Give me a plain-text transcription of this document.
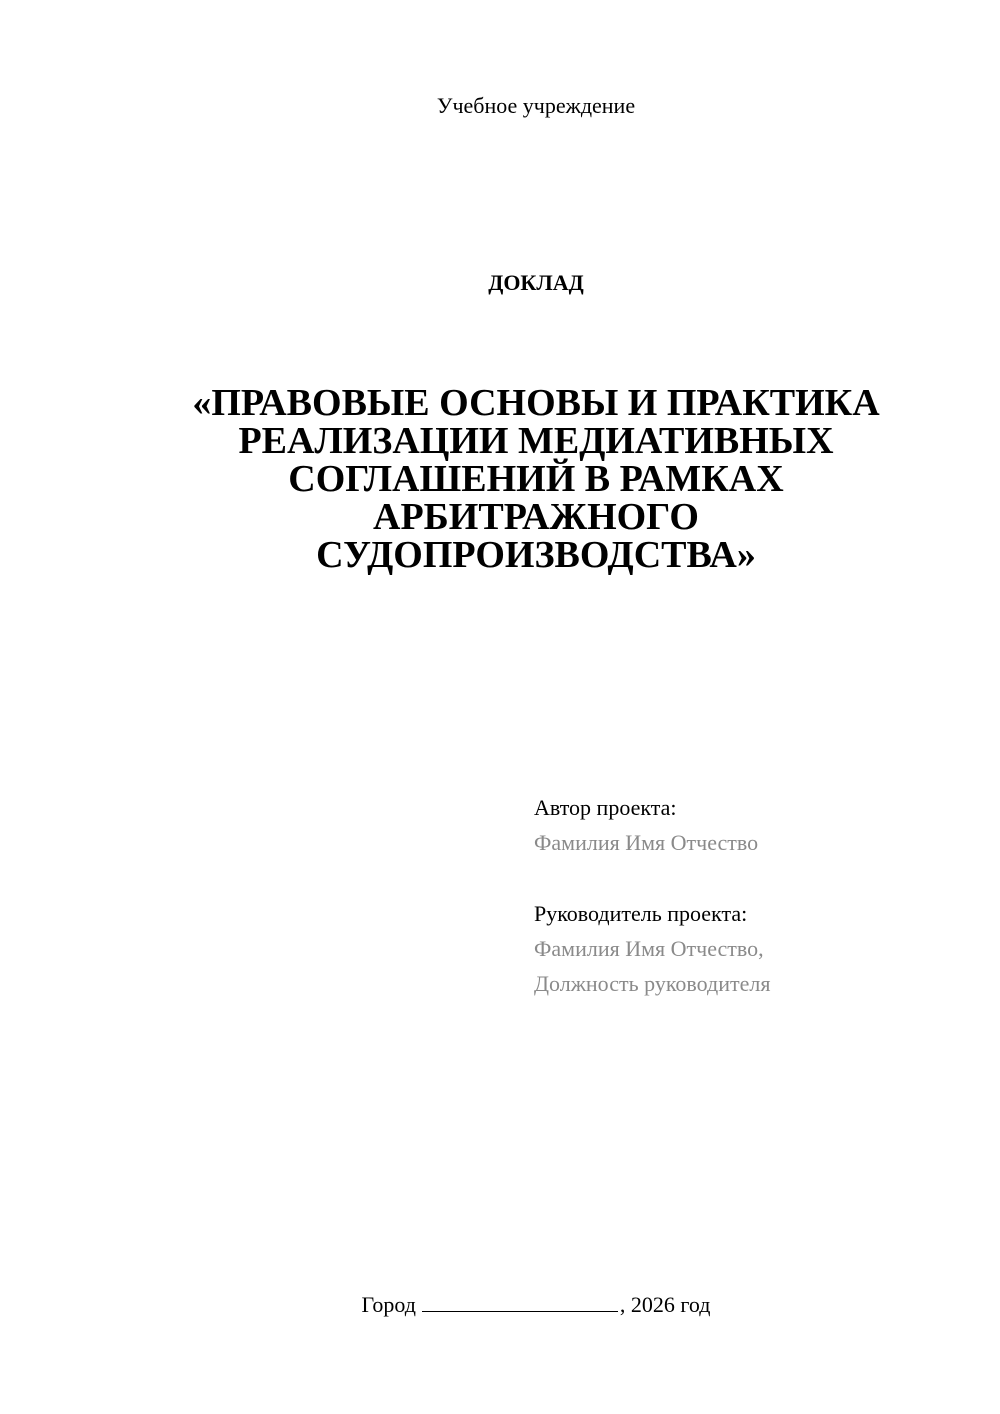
Учебное учреждение
ДОКЛАД
«ПРАВОВЫЕ ОСНОВЫ И ПРАКТИКА
РЕАЛИЗАЦИИ МЕДИАТИВНЫХ
СОГЛАШЕНИЙ В РАМКАХ
АРБИТРАЖНОГО
СУДОПРОИЗВОДСТВА»
Автор проекта:
Фамилия Имя Отчество
Руководитель проекта:
Фамилия Имя Отчество,
Должность руководителя
Город	, 2026 год
